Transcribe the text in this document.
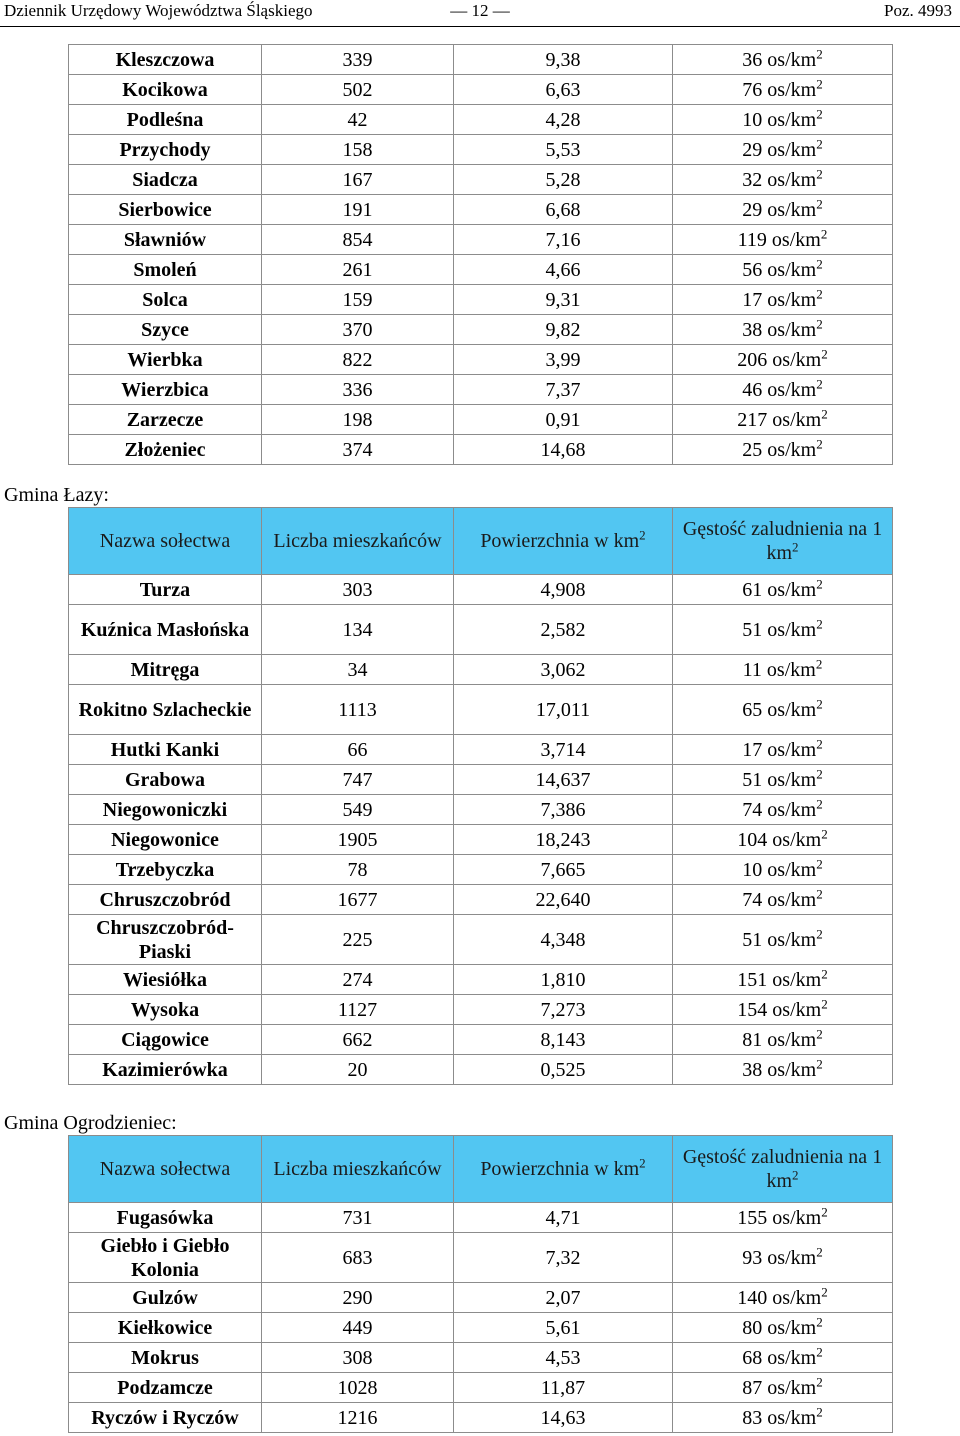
Dziennik Urzędowy Województwa Śląskiego	— 12 —	Poz. 4993
Kleszczowa	339	9,38	36 $os/km^2$
Kocikowa	502	6,63	76 $os/km^2$
Podleśna	42	4,28	10 $os/km^2$
Przychody	158	5,53	29 $os/km^2$
Siadcza	167	5,28	32 $os/km^2$
Sierbowice	191	6,68	29 $os/km^2$
Sławniów	854	7,16	119 $os/km^2$
Smoleń	261	4,66	56 $os/km^2$
Solca	159	9,31	17 $os/km^2$
Szyce	370	9,82	38 $os/km^2$
Wierbka	822	3,99	206 $os/km^2$
Wierzbica	336	7,37	46 $os/km^2$
Zarzecze	198	0,91	217 $os/km^2$
Złożeniec	374	14,68	25 $os/km^2$
Gmina Łazy:
Nazwa sołectwa	Liczba mieszkańców	Powierzchnia w $km^2$	Gęstość zaludnienia na 1 $km^2$
Turza	303	4,908	61 $os/km^2$
Kuźnica Masłońska	134	2,582	51 $os/km^2$
Mitręga	34	3,062	11 $os/km^2$
Rokitno Szlacheckie	1113	17,011	65 $os/km^2$
Hutki Kanki	66	3,714	17 $os/km^2$
Grabowa	747	14,637	51 $os/km^2$
Niegowoniczki	549	7,386	74 $os/km^2$
Niegowonice	1905	18,243	104 $os/km^2$
Trzebyczka	78	7,665	10 $os/km^2$
Chruszczobród	1677	22,640	74 $os/km^2$
Chruszczobród-Piaski	225	4,348	51 $os/km^2$
Wiesiółka	274	1,810	151 $os/km^2$
Wysoka	1127	7,273	154 $os/km^2$
Ciągowice	662	8,143	81 $os/km^2$
Kazimierówka	20	0,525	38 $os/km^2$
Gmina Ogrodzieniec:
Nazwa sołectwa	Liczba mieszkańców	Powierzchnia w $km^2$	Gęstość zaludnienia na 1 $km^2$
Fugasówka	731	4,71	155 $os/km^2$
Giebło i Giebło Kolonia	683	7,32	93 $os/km^2$
Gulzów	290	2,07	140 $os/km^2$
Kiełkowice	449	5,61	80 $os/km^2$
Mokrus	308	4,53	68 $os/km^2$
Podzamcze	1028	11,87	87 $os/km^2$
Ryczów i Ryczów	1216	14,63	83 $os/km^2$
